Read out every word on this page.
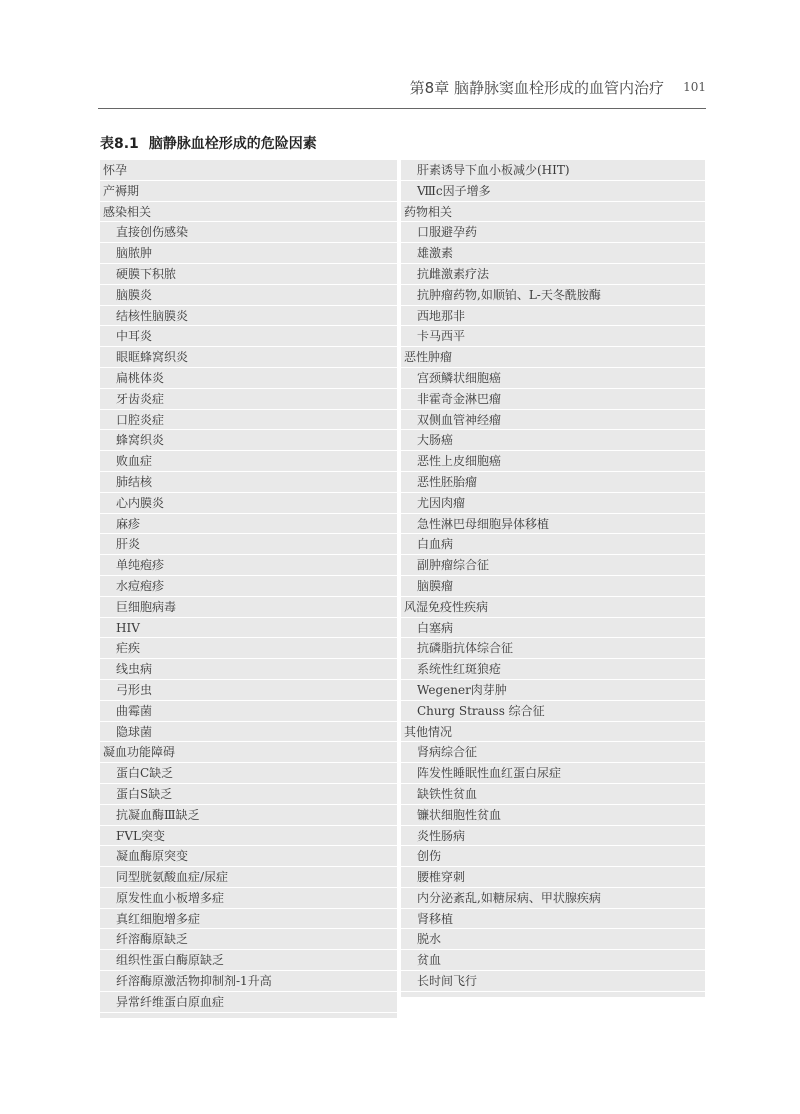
第8章 脑静脉窦血栓形成的血管内治疗	101
表8.1 脑静脉血栓形成的危险因素
怀孕
产褥期
感染相关
直接创伤感染
脑脓肿
硬膜下积脓
脑膜炎
结核性脑膜炎
中耳炎
眼眶蜂窝织炎
扁桃体炎
牙齿炎症
口腔炎症
蜂窝织炎
败血症
肺结核
心内膜炎
麻疹
肝炎
单纯疱疹
水痘疱疹
巨细胞病毒
HIV
疟疾
线虫病
弓形虫
曲霉菌
隐球菌
凝血功能障碍
蛋白C缺乏
蛋白S缺乏
抗凝血酶Ⅲ缺乏
FVL突变
凝血酶原突变
同型胱氨酸血症/尿症
原发性血小板增多症
真红细胞增多症
纤溶酶原缺乏
组织性蛋白酶原缺乏
纤溶酶原激活物抑制剂-1升高
异常纤维蛋白原血症
肝素诱导下血小板减少(HIT)
Ⅷc因子增多
药物相关
口服避孕药
雄激素
抗雌激素疗法
抗肿瘤药物,如顺铂、L-天冬酰胺酶
西地那非
卡马西平
恶性肿瘤
宫颈鳞状细胞癌
非霍奇金淋巴瘤
双侧血管神经瘤
大肠癌
恶性上皮细胞癌
恶性胚胎瘤
尤因肉瘤
急性淋巴母细胞异体移植
白血病
副肿瘤综合征
脑膜瘤
风湿免疫性疾病
白塞病
抗磷脂抗体综合征
系统性红斑狼疮
Wegener肉芽肿
Churg Strauss 综合征
其他情况
肾病综合征
阵发性睡眠性血红蛋白尿症
缺铁性贫血
镰状细胞性贫血
炎性肠病
创伤
腰椎穿刺
内分泌紊乱,如糖尿病、甲状腺疾病
肾移植
脱水
贫血
长时间飞行
